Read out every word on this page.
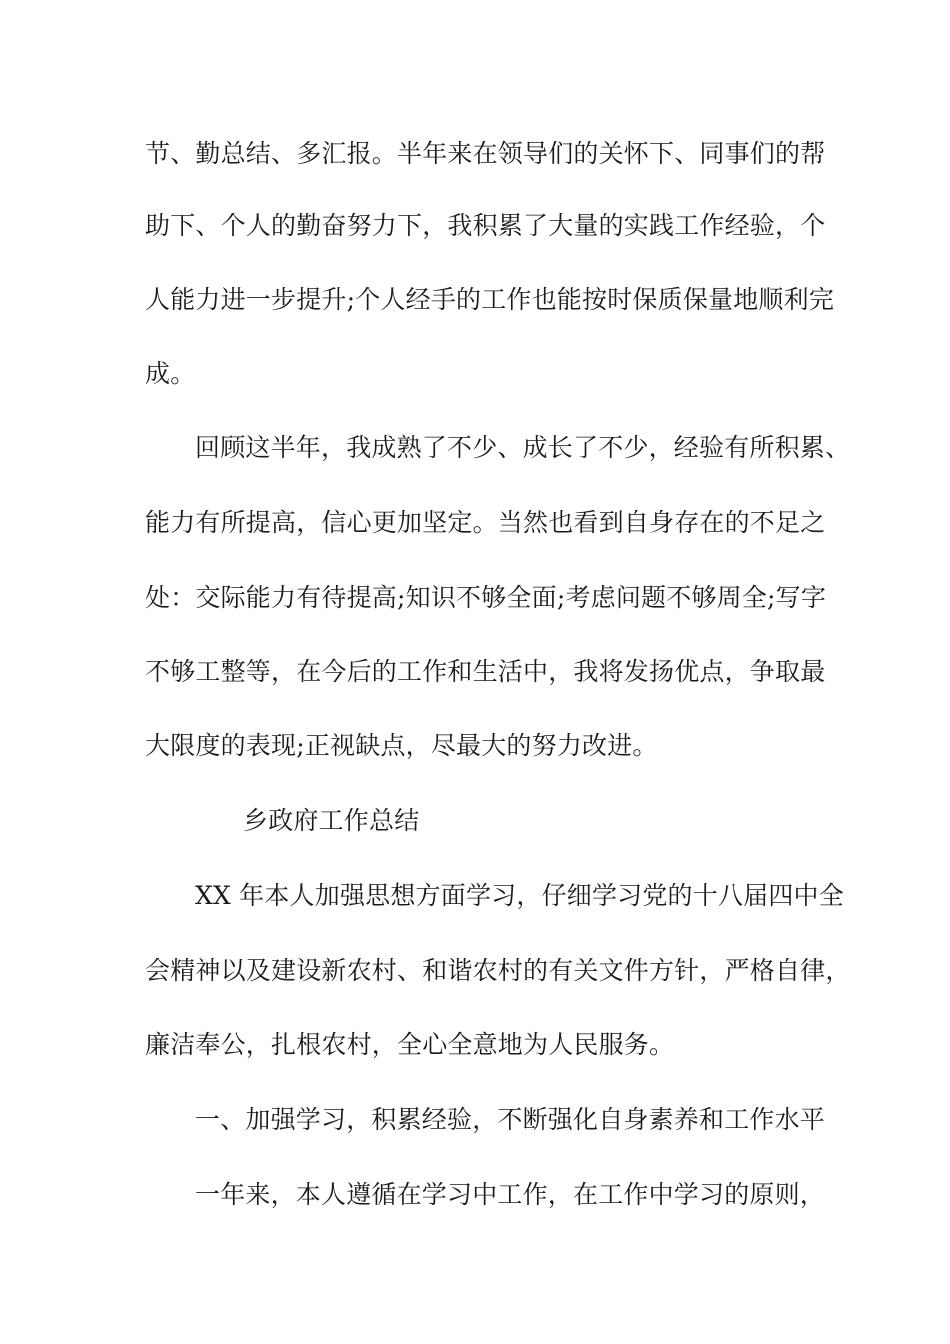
节、勤总结、多汇报。半年来在领导们的关怀下、同事们的帮
助下、个人的勤奋努力下，我积累了大量的实践工作经验，个
人能力进一步提升;个人经手的工作也能按时保质保量地顺利完
成。
回顾这半年，我成熟了不少、成长了不少，经验有所积累、
能力有所提高，信心更加坚定。当然也看到自身存在的不足之
处：交际能力有待提高;知识不够全面;考虑问题不够周全;写字
不够工整等，在今后的工作和生活中，我将发扬优点，争取最
大限度的表现;正视缺点，尽最大的努力改进。
乡政府工作总结
XX 年本人加强思想方面学习，仔细学习党的十八届四中全
会精神以及建设新农村、和谐农村的有关文件方针，严格自律，
廉洁奉公，扎根农村，全心全意地为人民服务。
一、加强学习，积累经验，不断强化自身素养和工作水平
一年来，本人遵循在学习中工作，在工作中学习的原则，
